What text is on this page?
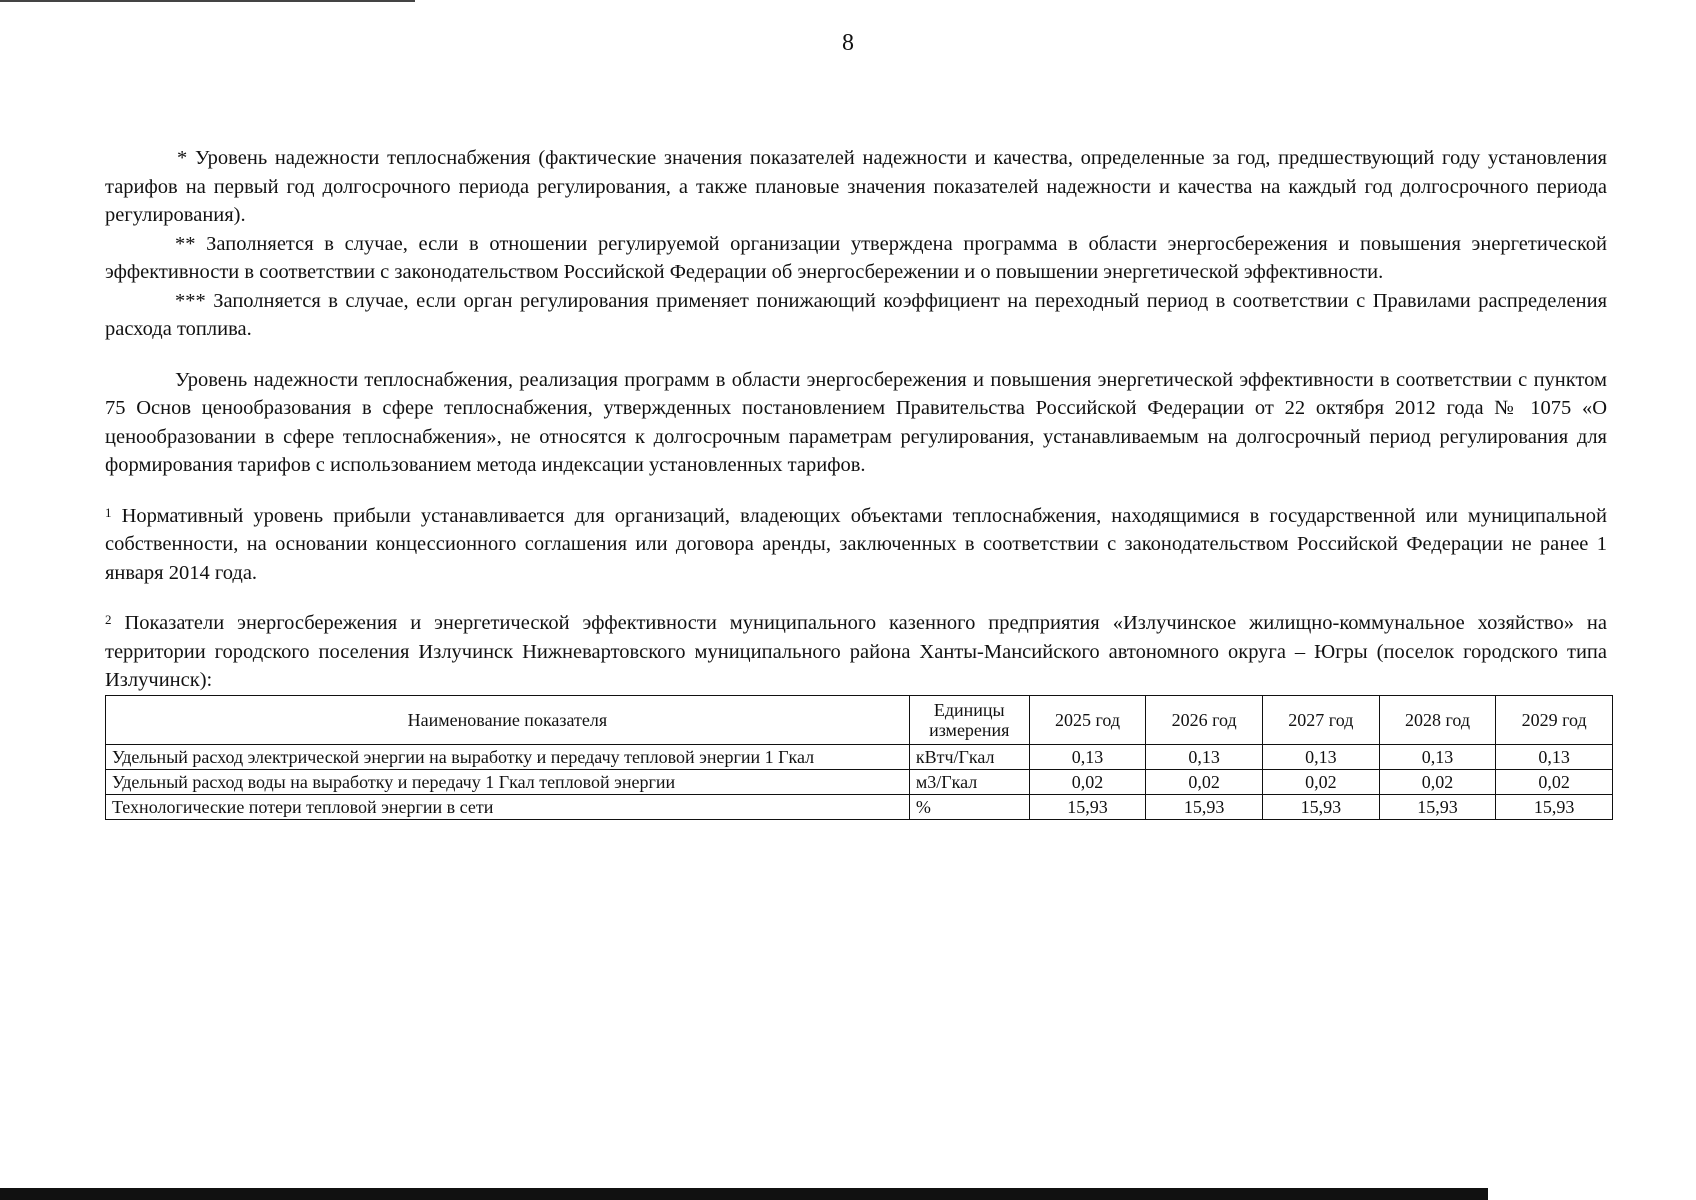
8

* Уровень надежности теплоснабжения (фактические значения показателей надежности и качества, определенные за год, предшествующий году установления тарифов на первый год долгосрочного периода регулирования, а также плановые значения показателей надежности и качества на каждый год долгосрочного периода регулирования).

** Заполняется в случае, если в отношении регулируемой организации утверждена программа в области энергосбережения и повышения энергетической эффективности в соответствии с законодательством Российской Федерации об энергосбережении и о повышении энергетической эффективности.

*** Заполняется в случае, если орган регулирования применяет понижающий коэффициент на переходный период в соответствии с Правилами распределения расхода топлива.

Уровень надежности теплоснабжения, реализация программ в области энергосбережения и повышения энергетической эффективности в соответствии с пунктом 75 Основ ценообразования в сфере теплоснабжения, утвержденных постановлением Правительства Российской Федерации от 22 октября 2012 года № 1075 «О ценообразовании в сфере теплоснабжения», не относятся к долгосрочным параметрам регулирования, устанавливаемым на долгосрочный период регулирования для формирования тарифов с использованием метода индексации установленных тарифов.

$^1$ Нормативный уровень прибыли устанавливается для организаций, владеющих объектами теплоснабжения, находящимися в государственной или муниципальной собственности, на основании концессионного соглашения или договора аренды, заключенных в соответствии с законодательством Российской Федерации не ранее 1 января 2014 года.

$^2$ Показатели энергосбережения и энергетической эффективности муниципального казенного предприятия «Излучинское жилищно-коммунальное хозяйство» на территории городского поселения Излучинск Нижневартовского муниципального района Ханты-Мансийского автономного округа – Югры (поселок городского типа Излучинск):

Наименование показателя	Единицы измерения	2025 год	2026 год	2027 год	2028 год	2029 год
Удельный расход электрической энергии на выработку и передачу тепловой энергии 1 Гкал	кВтч/Гкал	0,13	0,13	0,13	0,13	0,13
Удельный расход воды на выработку и передачу 1 Гкал тепловой энергии	м3/Гкал	0,02	0,02	0,02	0,02	0,02
Технологические потери тепловой энергии в сети	%	15,93	15,93	15,93	15,93	15,93
